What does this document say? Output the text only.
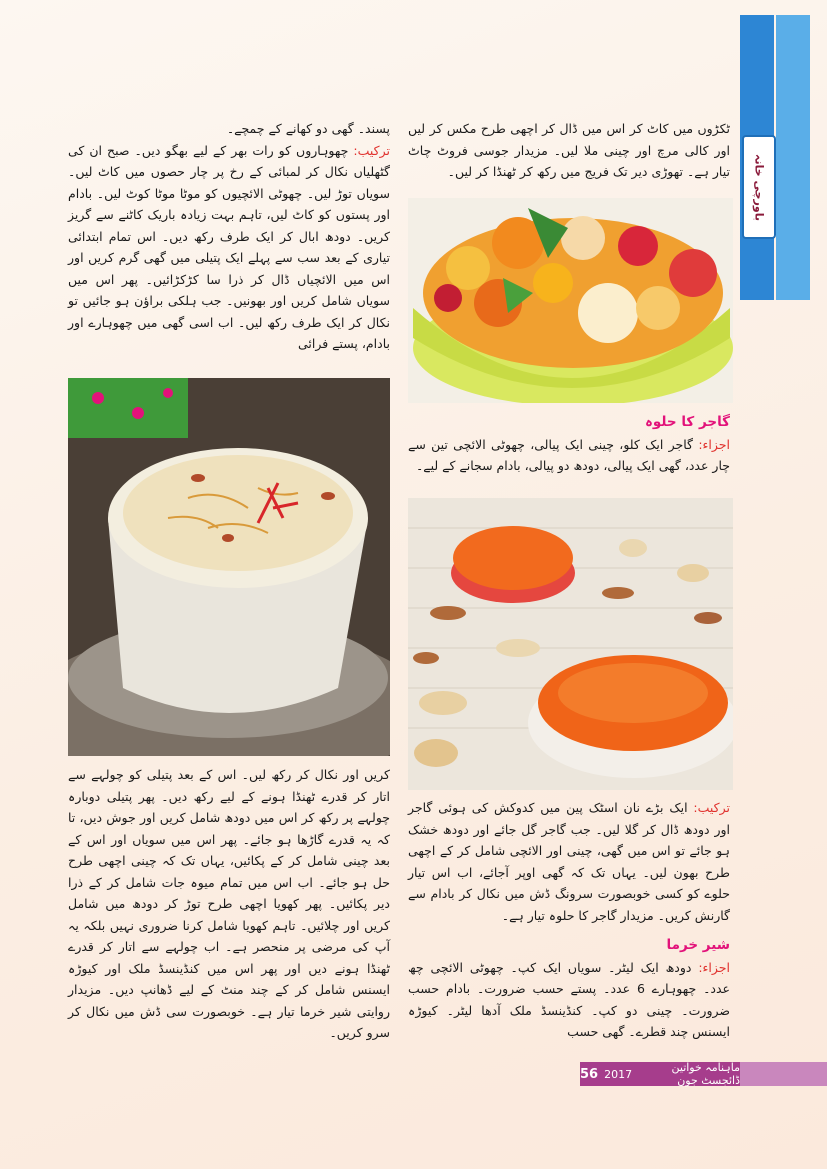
باورچی خانہ

ٹکڑوں میں کاٹ کر اس میں ڈال کر اچھی طرح مکس کر لیں اور کالی مرچ اور چینی ملا لیں۔ مزیدار جوسی فروٹ چاٹ تیار ہے۔ تھوڑی دیر تک فریج میں رکھ کر ٹھنڈا کر لیں۔

گاجر کا حلوہ

اجزاء: گاجر ایک کلو، چینی ایک پیالی، چھوٹی الائچی تین سے چار عدد، گھی ایک پیالی، دودھ دو پیالی، بادام سجانے کے لیے۔

ترکیب: ایک بڑے نان اسٹک پین میں کدوکش کی ہوئی گاجر اور دودھ ڈال کر گلا لیں۔ جب گاجر گل جائے اور دودھ خشک ہو جائے تو اس میں گھی، چینی اور الائچی شامل کر کے اچھی طرح بھون لیں۔ یہاں تک کہ گھی اوپر آجائے، اب اس تیار حلوے کو کسی خوبصورت سرونگ ڈش میں نکال کر بادام سے گارنش کریں۔ مزیدار گاجر کا حلوہ تیار ہے۔

شیر خرما

اجزاء: دودھ ایک لیٹر۔ سویاں ایک کپ۔ چھوٹی الائچی چھ عدد۔ چھوہارے 6 عدد۔ پستے حسب ضرورت۔ بادام حسب ضرورت۔ چینی دو کپ۔ کنڈینسڈ ملک آدھا لیٹر۔ کیوڑہ ایسنس چند قطرے۔ گھی حسب

پسند۔ گھی دو کھانے کے چمچے۔

ترکیب: چھوہاروں کو رات بھر کے لیے بھگو دیں۔ صبح ان کی گٹھلیاں نکال کر لمبائی کے رخ پر چار حصوں میں کاٹ لیں۔ سویاں توڑ لیں۔ چھوٹی الائچیوں کو موٹا موٹا کوٹ لیں۔ بادام اور پستوں کو کاٹ لیں، تاہم بہت زیادہ باریک کاٹنے سے گریز کریں۔ دودھ ابال کر ایک طرف رکھ دیں۔ اس تمام ابتدائی تیاری کے بعد سب سے پہلے ایک پتیلی میں گھی گرم کریں اور اس میں الائچیاں ڈال کر ذرا سا کڑکڑائیں۔ پھر اس میں سویاں شامل کریں اور بھونیں۔ جب ہلکی براؤن ہو جائیں تو نکال کر ایک طرف رکھ لیں۔ اب اسی گھی میں چھوہارے اور بادام، پستے فرائی

کریں اور نکال کر رکھ لیں۔ اس کے بعد پتیلی کو چولہے سے اتار کر قدرے ٹھنڈا ہونے کے لیے رکھ دیں۔ پھر پتیلی دوبارہ چولہے پر رکھ کر اس میں دودھ شامل کریں اور جوش دیں، تا کہ یہ قدرے گاڑھا ہو جائے۔ پھر اس میں سویاں اور اس کے بعد چینی شامل کر کے پکائیں، یہاں تک کہ چینی اچھی طرح حل ہو جائے۔ اب اس میں تمام میوہ جات شامل کر کے ذرا دیر پکائیں۔ پھر کھویا اچھی طرح توڑ کر دودھ میں شامل کریں اور چلائیں۔ تاہم کھویا شامل کرنا ضروری نہیں بلکہ یہ آپ کی مرضی پر منحصر ہے۔ اب چولہے سے اتار کر قدرے ٹھنڈا ہونے دیں اور پھر اس میں کنڈینسڈ ملک اور کیوڑہ ایسنس شامل کر کے چند منٹ کے لیے ڈھانپ دیں۔ مزیدار روایتی شیر خرما تیار ہے۔ خوبصورت سی ڈش میں نکال کر سرو کریں۔

ماہنامہ خواتین ڈائجسٹ جون
2017
56
